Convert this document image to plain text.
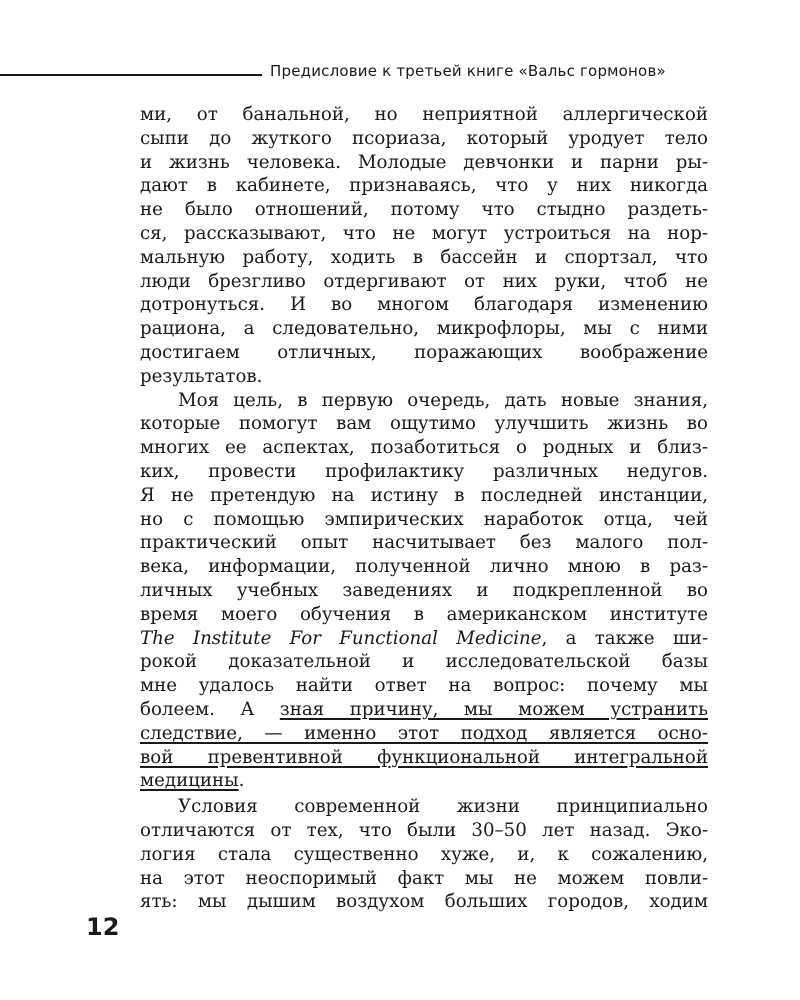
Предисловие к третьей книге «Вальс гормонов»
ми, от банальной, но неприятной аллергической
сыпи до жуткого псориаза, который уродует тело
и жизнь человека. Молодые девчонки и парни ры-
дают в кабинете, признаваясь, что у них никогда
не было отношений, потому что стыдно раздеть-
ся, рассказывают, что не могут устроиться на нор-
мальную работу, ходить в бассейн и спортзал, что
люди брезгливо отдергивают от них руки, чтоб не
дотронуться. И во многом благодаря изменению
рациона, а следовательно, микрофлоры, мы с ними
достигаем отличных, поражающих воображение
результатов.
Моя цель, в первую очередь, дать новые знания,
которые помогут вам ощутимо улучшить жизнь во
многих ее аспектах, позаботиться о родных и близ-
ких, провести профилактику различных недугов.
Я не претендую на истину в последней инстанции,
но с помощью эмпирических наработок отца, чей
практический опыт насчитывает без малого пол-
века, информации, полученной лично мною в раз-
личных учебных заведениях и подкрепленной во
время моего обучения в американском институте
The Institute For Functional Medicine, а также ши-
рокой доказательной и исследовательской базы
мне удалось найти ответ на вопрос: почему мы
болеем. А зная причину, мы можем устранить
следствие, — именно этот подход является осно-
вой превентивной функциональной интегральной
медицины.
Условия современной жизни принципиально
отличаются от тех, что были 30–50 лет назад. Эко-
логия стала существенно хуже, и, к сожалению,
на этот неоспоримый факт мы не можем повли-
ять: мы дышим воздухом больших городов, ходим
12
